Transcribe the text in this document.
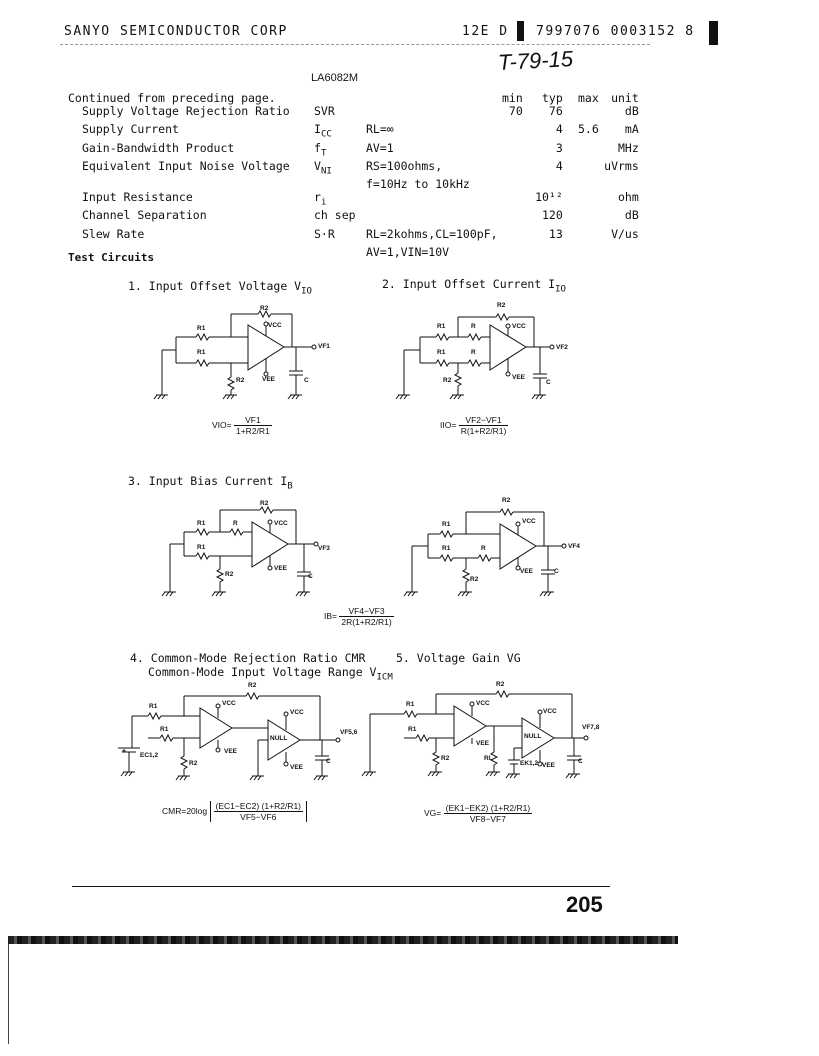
SANYO SEMICONDUCTOR CORP	12E D 7997076 0003152 8
T-79-15
LA6082M
Continued from preceding page.			min	typ	max	unit
Supply Voltage Rejection Ratio	SVR		70	76		dB
Supply Current	$I_{CC}$	RL=∞		4	5.6	mA
Gain-Bandwidth Product	$f_T$	AV=1		3		MHz
Equivalent Input Noise Voltage	$V_{NI}$	RS=100ohms,		4		uVrms
		f=10Hz to 10kHz				
Input Resistance	$r_i$			10¹²		ohm
Channel Separation	ch sep			120		dB
Slew Rate	S·R	RL=2kohms,CL=100pF,		13		V/us
		AV=1,VIN=10V				
Test Circuits
1. Input Offset Voltage $V_{IO}$
2. Input Offset Current $I_{IO}$
3. Input Bias Current $I_B$
4. Common-Mode Rejection Ratio CMR
Common-Mode Input Voltage Range $V_{ICM}$
5. Voltage Gain VG
R2
R1
R1
VCC
VF1
R2	VEE	C
R2
R1	R
R1	R
VCC
VF2
R2	VEE
C
R2
R1	R
R1
VCC
VF3
R2
VEE
C
R2
R1
R1	R
VCC
VF4
R2
VEE	C
R2
R1
R1
VCC
VCC
NULL
VF5,6
EC1,2
R2
VEE
VEE
C
R2
R1
R1
VCC
VCC
NULL
VF7,8
R2
VEE
RL
EK1,2 VEE
C
$VIO= \frac{VF1}{1+R2/R1}$	$IIO= \frac{VF2-VF1}{R(1+R2/R1)}$
$IB= \frac{VF4-VF3}{2R(1+R2/R1)}$
$CMR=20\log \frac{(EC1-EC2) (1+R2/R1)}{VF5-VF6}$	$VG= \frac{(EK1-EK2) (1+R2/R1)}{VF8-VF7}$
205
